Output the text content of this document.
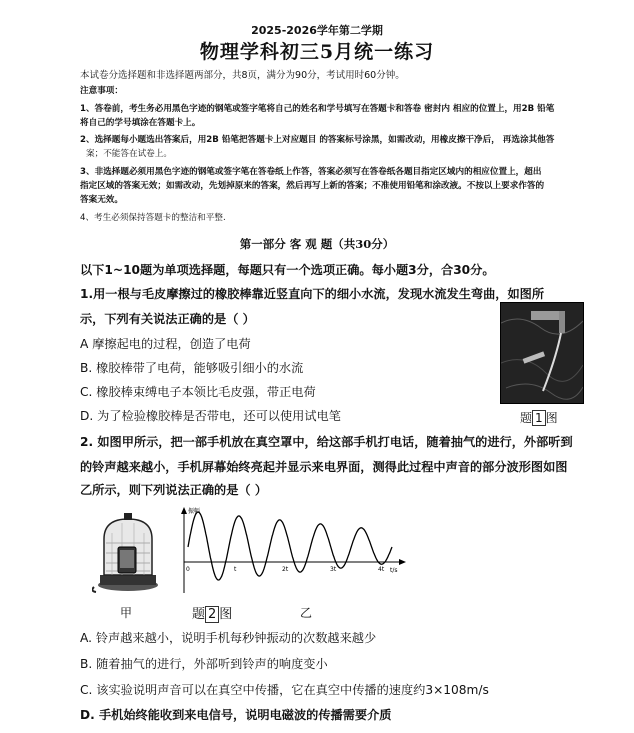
2025-2026学年第二学期
物理学科初三5月统一练习
本试卷分选择题和非选择题两部分，共8页，满分为90分，考试用时60分钟。
注意事项：
1、答卷前，考生务必用黑色字迹的钢笔或签字笔将自己的姓名和学号填写在答题卡和答卷 密封内 相应的位置上，用2B 铅笔
将自己的学号填涂在答题卡上。
2、选择题每小题选出答案后，用2B 铅笔把答题卡上对应题目 的答案标号涂黑，如需改动，用橡皮擦干净后， 再选涂其他答
案；不能答在试卷上。
3、非选择题必须用黑色字迹的钢笔或签字笔在答卷纸上作答，答案必须写在答卷纸各题目指定区域内的相应位置上，超出
指定区域的答案无效；如需改动，先划掉原来的答案，然后再写上新的答案；不准使用铅笔和涂改液。不按以上要求作答的
答案无效。
4、考生必须保持答题卡的整洁和平整.
第一部分 客 观 题（共30分）
以下1~10题为单项选择题，每题只有一个选项正确。每小题3分，合30分。
1.用一根与毛皮摩擦过的橡胶棒靠近竖直向下的细小水流，发现水流发生弯曲，如图所
示，下列有关说法正确的是（ ）
A 摩擦起电的过程，创造了电荷
B. 橡胶棒带了电荷，能够吸引细小的水流
C. 橡胶棒束缚电子本领比毛皮强，带正电荷
D. 为了检验橡胶棒是否带电，还可以使用试电笔	题 1 图
2. 如图甲所示，把一部手机放在真空罩中，给这部手机打电话，随着抽气的进行，外部听到
的铃声越来越小，手机屏幕始终亮起并显示来电界面，测得此过程中声音的部分波形图如图
乙所示，则下列说法正确的是（ ）
振幅
t/s
0	t	2t	3t	4t
甲	题 2 图	乙
A. 铃声越来越小，说明手机每秒钟振动的次数越来越少
B. 随着抽气的进行，外部听到铃声的响度变小
C. 该实验说明声音可以在真空中传播，它在真空中传播的速度约3×108m/s
D. 手机始终能收到来电信号，说明电磁波的传播需要介质
